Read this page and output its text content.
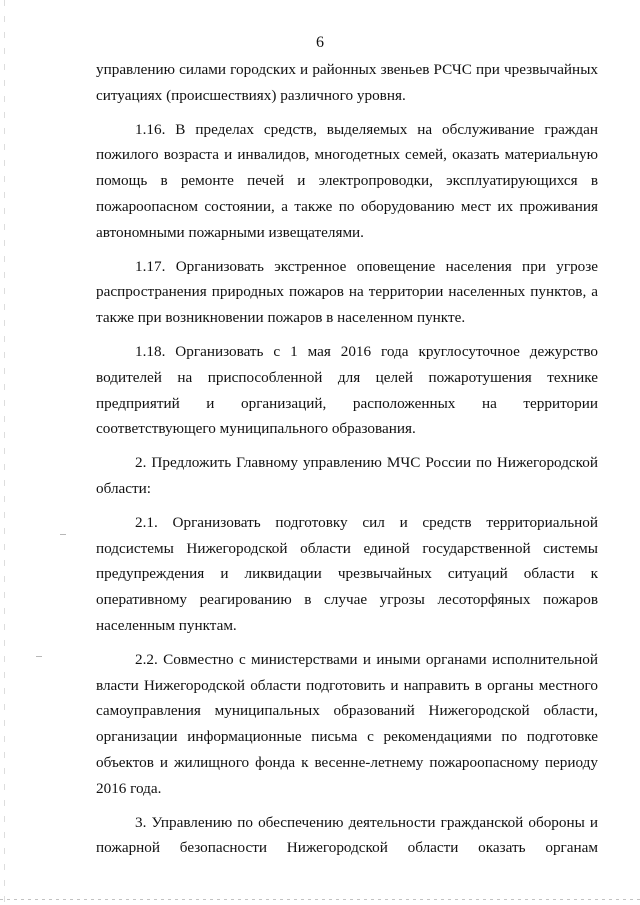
6

управлению силами городских и районных звеньев РСЧС при чрезвычайных ситуациях (происшествиях) различного уровня.

1.16. В пределах средств, выделяемых на обслуживание граждан пожилого возраста и инвалидов, многодетных семей, оказать материальную помощь в ремонте печей и электропроводки, эксплуатирующихся в пожароопасном состоянии, а также по оборудованию мест их проживания автономными пожарными извещателями.

1.17. Организовать экстренное оповещение населения при угрозе распространения природных пожаров на территории населенных пунктов, а также при возникновении пожаров в населенном пункте.

1.18. Организовать с 1 мая 2016 года круглосуточное дежурство водителей на приспособленной для целей пожаротушения технике предприятий и организаций, расположенных на территории соответствующего муниципального образования.

2. Предложить Главному управлению МЧС России по Нижегородской области:

2.1. Организовать подготовку сил и средств территориальной подсистемы Нижегородской области единой государственной системы предупреждения и ликвидации чрезвычайных ситуаций области к оперативному реагированию в случае угрозы лесоторфяных пожаров населенным пунктам.

2.2. Совместно с министерствами и иными органами исполнительной власти Нижегородской области подготовить и направить в органы местного самоуправления муниципальных образований Нижегородской области, организации информационные письма с рекомендациями по подготовке объектов и жилищного фонда к весенне-летнему пожароопасному периоду 2016 года.

3. Управлению по обеспечению деятельности гражданской обороны и пожарной безопасности Нижегородской области оказать органам
